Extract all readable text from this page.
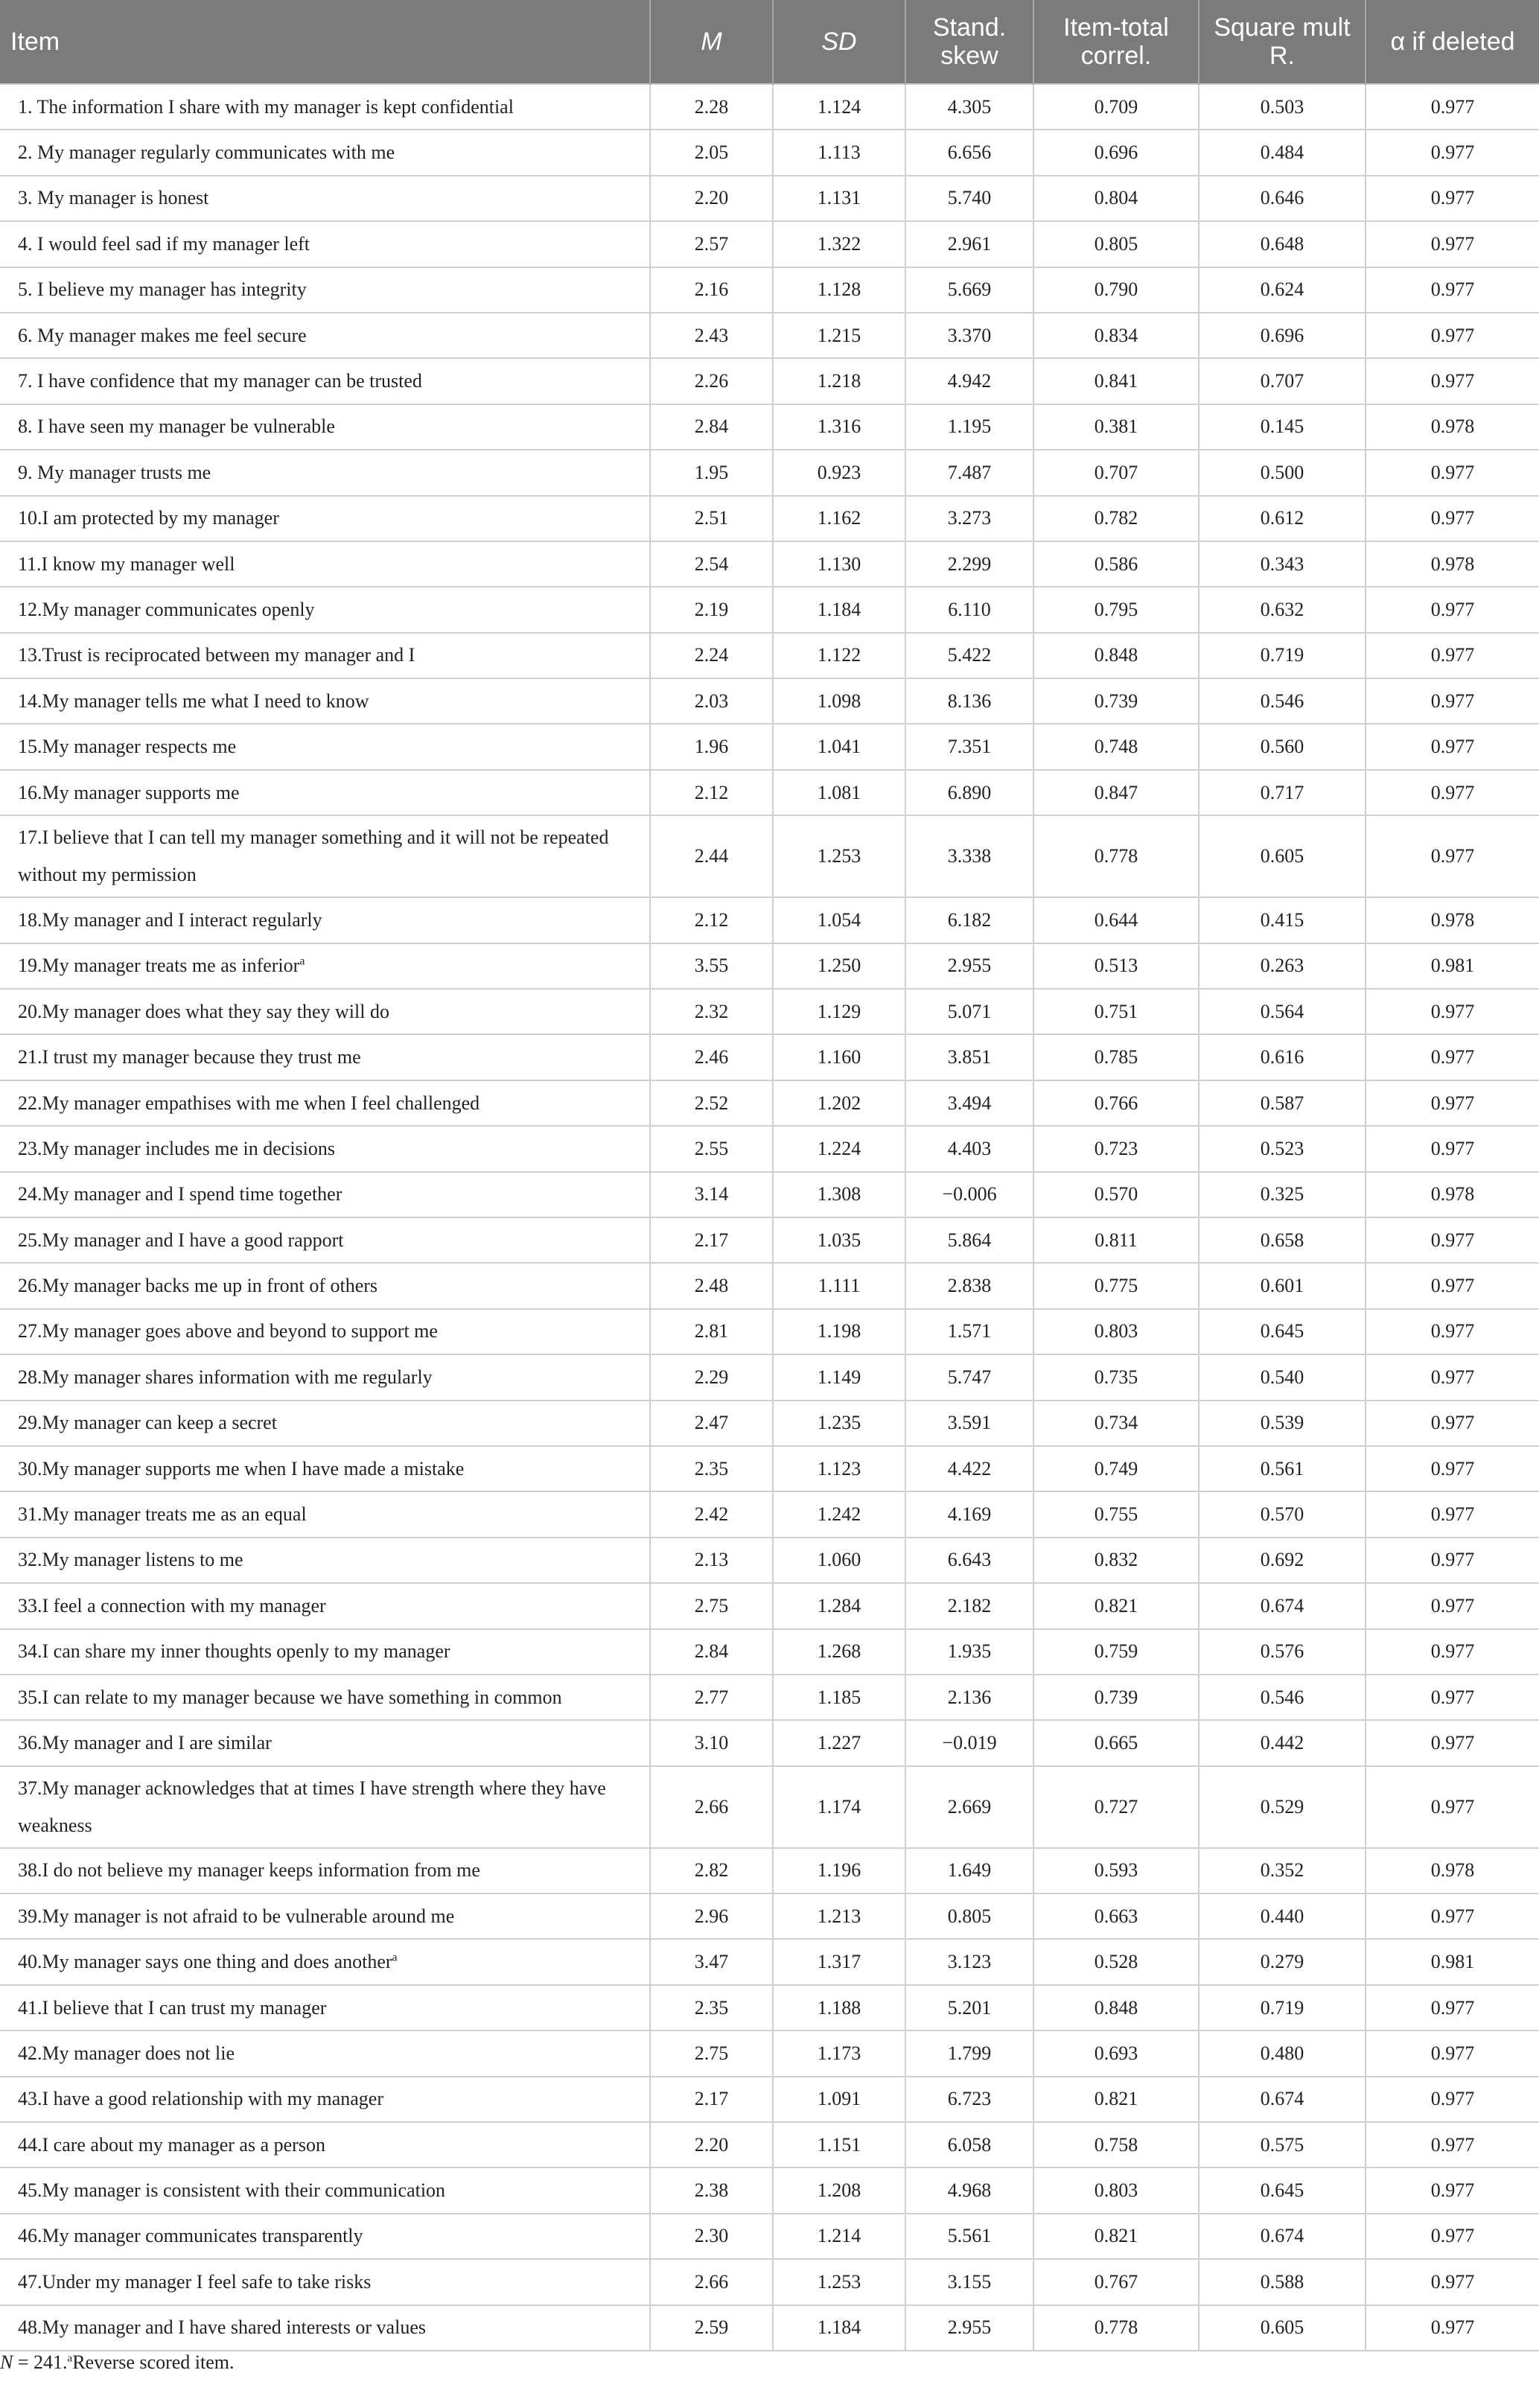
Item	M	SD	Stand. skew	Item-total correl.	Square mult R.	α if deleted
1. The information I share with my manager is kept confidential	2.28	1.124	4.305	0.709	0.503	0.977
2. My manager regularly communicates with me	2.05	1.113	6.656	0.696	0.484	0.977
3. My manager is honest	2.20	1.131	5.740	0.804	0.646	0.977
4. I would feel sad if my manager left	2.57	1.322	2.961	0.805	0.648	0.977
5. I believe my manager has integrity	2.16	1.128	5.669	0.790	0.624	0.977
6. My manager makes me feel secure	2.43	1.215	3.370	0.834	0.696	0.977
7. I have confidence that my manager can be trusted	2.26	1.218	4.942	0.841	0.707	0.977
8. I have seen my manager be vulnerable	2.84	1.316	1.195	0.381	0.145	0.978
9. My manager trusts me	1.95	0.923	7.487	0.707	0.500	0.977
10.I am protected by my manager	2.51	1.162	3.273	0.782	0.612	0.977
11.I know my manager well	2.54	1.130	2.299	0.586	0.343	0.978
12.My manager communicates openly	2.19	1.184	6.110	0.795	0.632	0.977
13.Trust is reciprocated between my manager and I	2.24	1.122	5.422	0.848	0.719	0.977
14.My manager tells me what I need to know	2.03	1.098	8.136	0.739	0.546	0.977
15.My manager respects me	1.96	1.041	7.351	0.748	0.560	0.977
16.My manager supports me	2.12	1.081	6.890	0.847	0.717	0.977
17.I believe that I can tell my manager something and it will not be repeated without my permission	2.44	1.253	3.338	0.778	0.605	0.977
18.My manager and I interact regularly	2.12	1.054	6.182	0.644	0.415	0.978
19.My manager treats me as inferior$^a$	3.55	1.250	2.955	0.513	0.263	0.981
20.My manager does what they say they will do	2.32	1.129	5.071	0.751	0.564	0.977
21.I trust my manager because they trust me	2.46	1.160	3.851	0.785	0.616	0.977
22.My manager empathises with me when I feel challenged	2.52	1.202	3.494	0.766	0.587	0.977
23.My manager includes me in decisions	2.55	1.224	4.403	0.723	0.523	0.977
24.My manager and I spend time together	3.14	1.308	−0.006	0.570	0.325	0.978
25.My manager and I have a good rapport	2.17	1.035	5.864	0.811	0.658	0.977
26.My manager backs me up in front of others	2.48	1.111	2.838	0.775	0.601	0.977
27.My manager goes above and beyond to support me	2.81	1.198	1.571	0.803	0.645	0.977
28.My manager shares information with me regularly	2.29	1.149	5.747	0.735	0.540	0.977
29.My manager can keep a secret	2.47	1.235	3.591	0.734	0.539	0.977
30.My manager supports me when I have made a mistake	2.35	1.123	4.422	0.749	0.561	0.977
31.My manager treats me as an equal	2.42	1.242	4.169	0.755	0.570	0.977
32.My manager listens to me	2.13	1.060	6.643	0.832	0.692	0.977
33.I feel a connection with my manager	2.75	1.284	2.182	0.821	0.674	0.977
34.I can share my inner thoughts openly to my manager	2.84	1.268	1.935	0.759	0.576	0.977
35.I can relate to my manager because we have something in common	2.77	1.185	2.136	0.739	0.546	0.977
36.My manager and I are similar	3.10	1.227	−0.019	0.665	0.442	0.977
37.My manager acknowledges that at times I have strength where they have weakness	2.66	1.174	2.669	0.727	0.529	0.977
38.I do not believe my manager keeps information from me	2.82	1.196	1.649	0.593	0.352	0.978
39.My manager is not afraid to be vulnerable around me	2.96	1.213	0.805	0.663	0.440	0.977
40.My manager says one thing and does another$^a$	3.47	1.317	3.123	0.528	0.279	0.981
41.I believe that I can trust my manager	2.35	1.188	5.201	0.848	0.719	0.977
42.My manager does not lie	2.75	1.173	1.799	0.693	0.480	0.977
43.I have a good relationship with my manager	2.17	1.091	6.723	0.821	0.674	0.977
44.I care about my manager as a person	2.20	1.151	6.058	0.758	0.575	0.977
45.My manager is consistent with their communication	2.38	1.208	4.968	0.803	0.645	0.977
46.My manager communicates transparently	2.30	1.214	5.561	0.821	0.674	0.977
47.Under my manager I feel safe to take risks	2.66	1.253	3.155	0.767	0.588	0.977
48.My manager and I have shared interests or values	2.59	1.184	2.955	0.778	0.605	0.977
N = 241.$^a$Reverse scored item.
